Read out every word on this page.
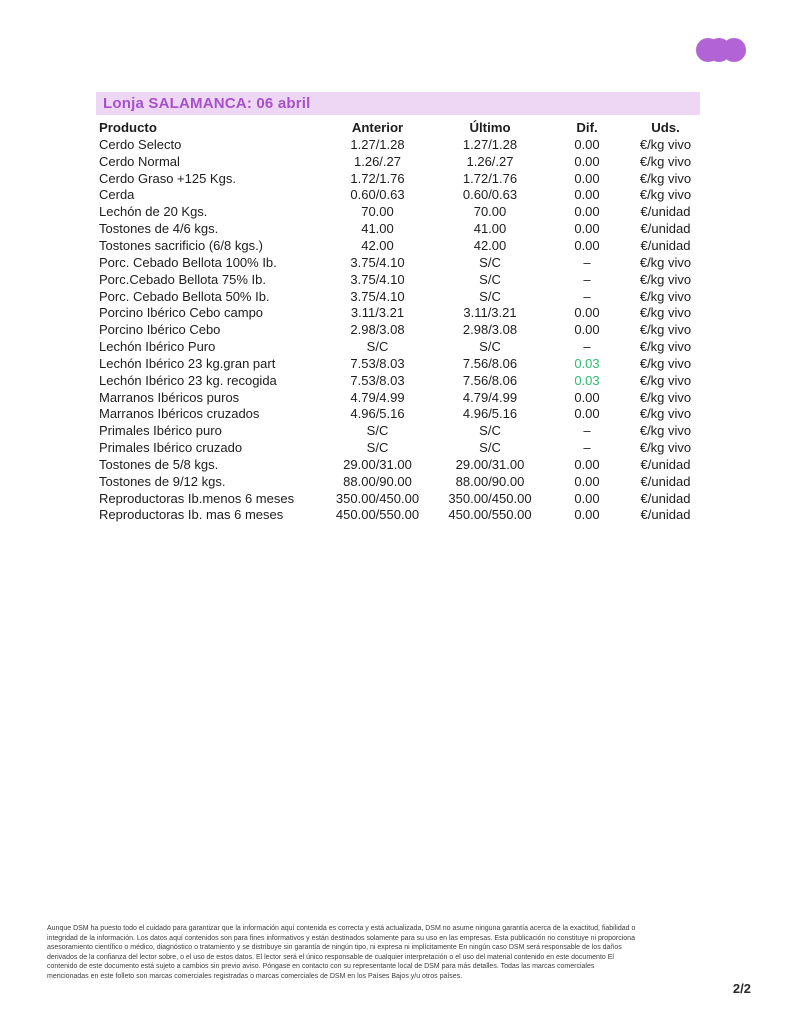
Lonja SALAMANCA: 06 abril
Producto	Anterior	Último	Dif.	Uds.
Cerdo Selecto	1.27/1.28	1.27/1.28	0.00	€/kg vivo
Cerdo Normal	1.26/.27	1.26/.27	0.00	€/kg vivo
Cerdo Graso +125 Kgs.	1.72/1.76	1.72/1.76	0.00	€/kg vivo
Cerda	0.60/0.63	0.60/0.63	0.00	€/kg vivo
Lechón de 20 Kgs.	70.00	70.00	0.00	€/unidad
Tostones de 4/6 kgs.	41.00	41.00	0.00	€/unidad
Tostones sacrificio (6/8 kgs.)	42.00	42.00	0.00	€/unidad
Porc. Cebado Bellota 100% Ib.	3.75/4.10	S/C	–	€/kg vivo
Porc.Cebado Bellota 75% Ib.	3.75/4.10	S/C	–	€/kg vivo
Porc. Cebado Bellota 50% Ib.	3.75/4.10	S/C	–	€/kg vivo
Porcino Ibérico Cebo campo	3.11/3.21	3.11/3.21	0.00	€/kg vivo
Porcino Ibérico Cebo	2.98/3.08	2.98/3.08	0.00	€/kg vivo
Lechón Ibérico Puro	S/C	S/C	–	€/kg vivo
Lechón Ibérico 23 kg.gran part	7.53/8.03	7.56/8.06	0.03	€/kg vivo
Lechón Ibérico 23 kg. recogida	7.53/8.03	7.56/8.06	0.03	€/kg vivo
Marranos Ibéricos puros	4.79/4.99	4.79/4.99	0.00	€/kg vivo
Marranos Ibéricos cruzados	4.96/5.16	4.96/5.16	0.00	€/kg vivo
Primales Ibérico puro	S/C	S/C	–	€/kg vivo
Primales Ibérico cruzado	S/C	S/C	–	€/kg vivo
Tostones de 5/8 kgs.	29.00/31.00	29.00/31.00	0.00	€/unidad
Tostones de 9/12 kgs.	88.00/90.00	88.00/90.00	0.00	€/unidad
Reproductoras Ib.menos 6 meses	350.00/450.00	350.00/450.00	0.00	€/unidad
Reproductoras Ib. mas 6 meses	450.00/550.00	450.00/550.00	0.00	€/unidad
Aunque DSM ha puesto todo el cuidado para garantizar que la información aquí contenida es correcta y está actualizada, DSM no asume ninguna garantía acerca de la exactitud, fiabilidad o
integridad de la información. Los datos aquí contenidos son para fines informativos y están destinados solamente para su uso en las empresas. Esta publicación no constituye ni proporciona
asesoramiento científico o médico, diagnóstico o tratamiento y se distribuye sin garantía de ningún tipo, ni expresa ni implícitamente En ningún caso DSM será responsable de los daños
derivados de la confianza del lector sobre, o el uso de estos datos. El lector será el único responsable de cualquier interpretación o el uso del material contenido en este documento El
contenido de este documento está sujeto a cambios sin previo aviso. Póngase en contacto con su representante local de DSM para más detalles. Todas las marcas comerciales
mencionadas en este folleto son marcas comerciales registradas o marcas comerciales de DSM en los Países Bajos y/u otros países.
2/2
